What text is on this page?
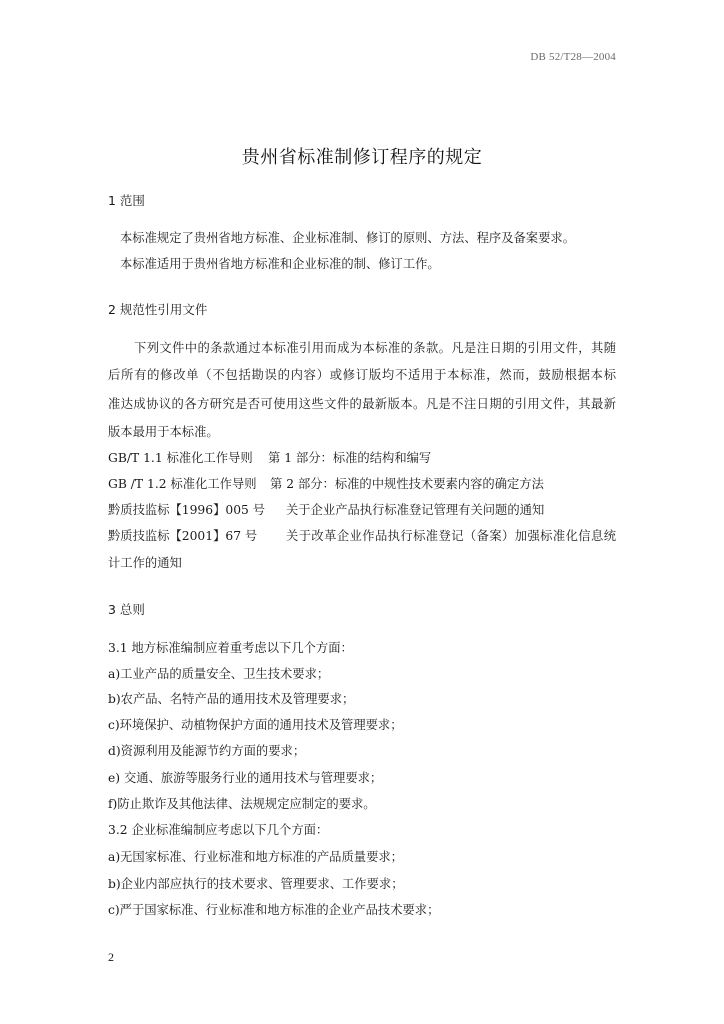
DB 52/T28—2004
贵州省标准制修订程序的规定
1 范围
本标准规定了贵州省地方标准、企业标准制、修订的原则、方法、程序及备案要求。
本标准适用于贵州省地方标准和企业标准的制、修订工作。
2 规范性引用文件
下列文件中的条款通过本标准引用而成为本标准的条款。凡是注日期的引用文件，其随
后所有的修改单（不包括勘误的内容）或修订版均不适用于本标准，然而，鼓励根据本标
准达成协议的各方研究是否可使用这些文件的最新版本。凡是不注日期的引用文件，其最新
版本最用于本标准。
GB/T 1.1 标准化工作导则 第 1 部分：标准的结构和编写
GB /T 1.2 标准化工作导则 第 2 部分：标准的中规性技术要素内容的确定方法
黔质技监标【1996】005 号 关于企业产品执行标准登记管理有关问题的通知
黔质技监标【2001】67 号 关于改革企业作品执行标准登记（备案）加强标准化信息统
计工作的通知
3 总则
3.1 地方标准编制应着重考虑以下几个方面：
a)工业产品的质量安全、卫生技术要求；
b)农产品、名特产品的通用技术及管理要求；
c)环境保护、动植物保护方面的通用技术及管理要求；
d)资源利用及能源节约方面的要求；
e) 交通、旅游等服务行业的通用技术与管理要求；
f)防止欺诈及其他法律、法规规定应制定的要求。
3.2 企业标准编制应考虑以下几个方面：
a)无国家标准、行业标准和地方标准的产品质量要求；
b)企业内部应执行的技术要求、管理要求、工作要求；
c)严于国家标准、行业标准和地方标准的企业产品技术要求；
2
